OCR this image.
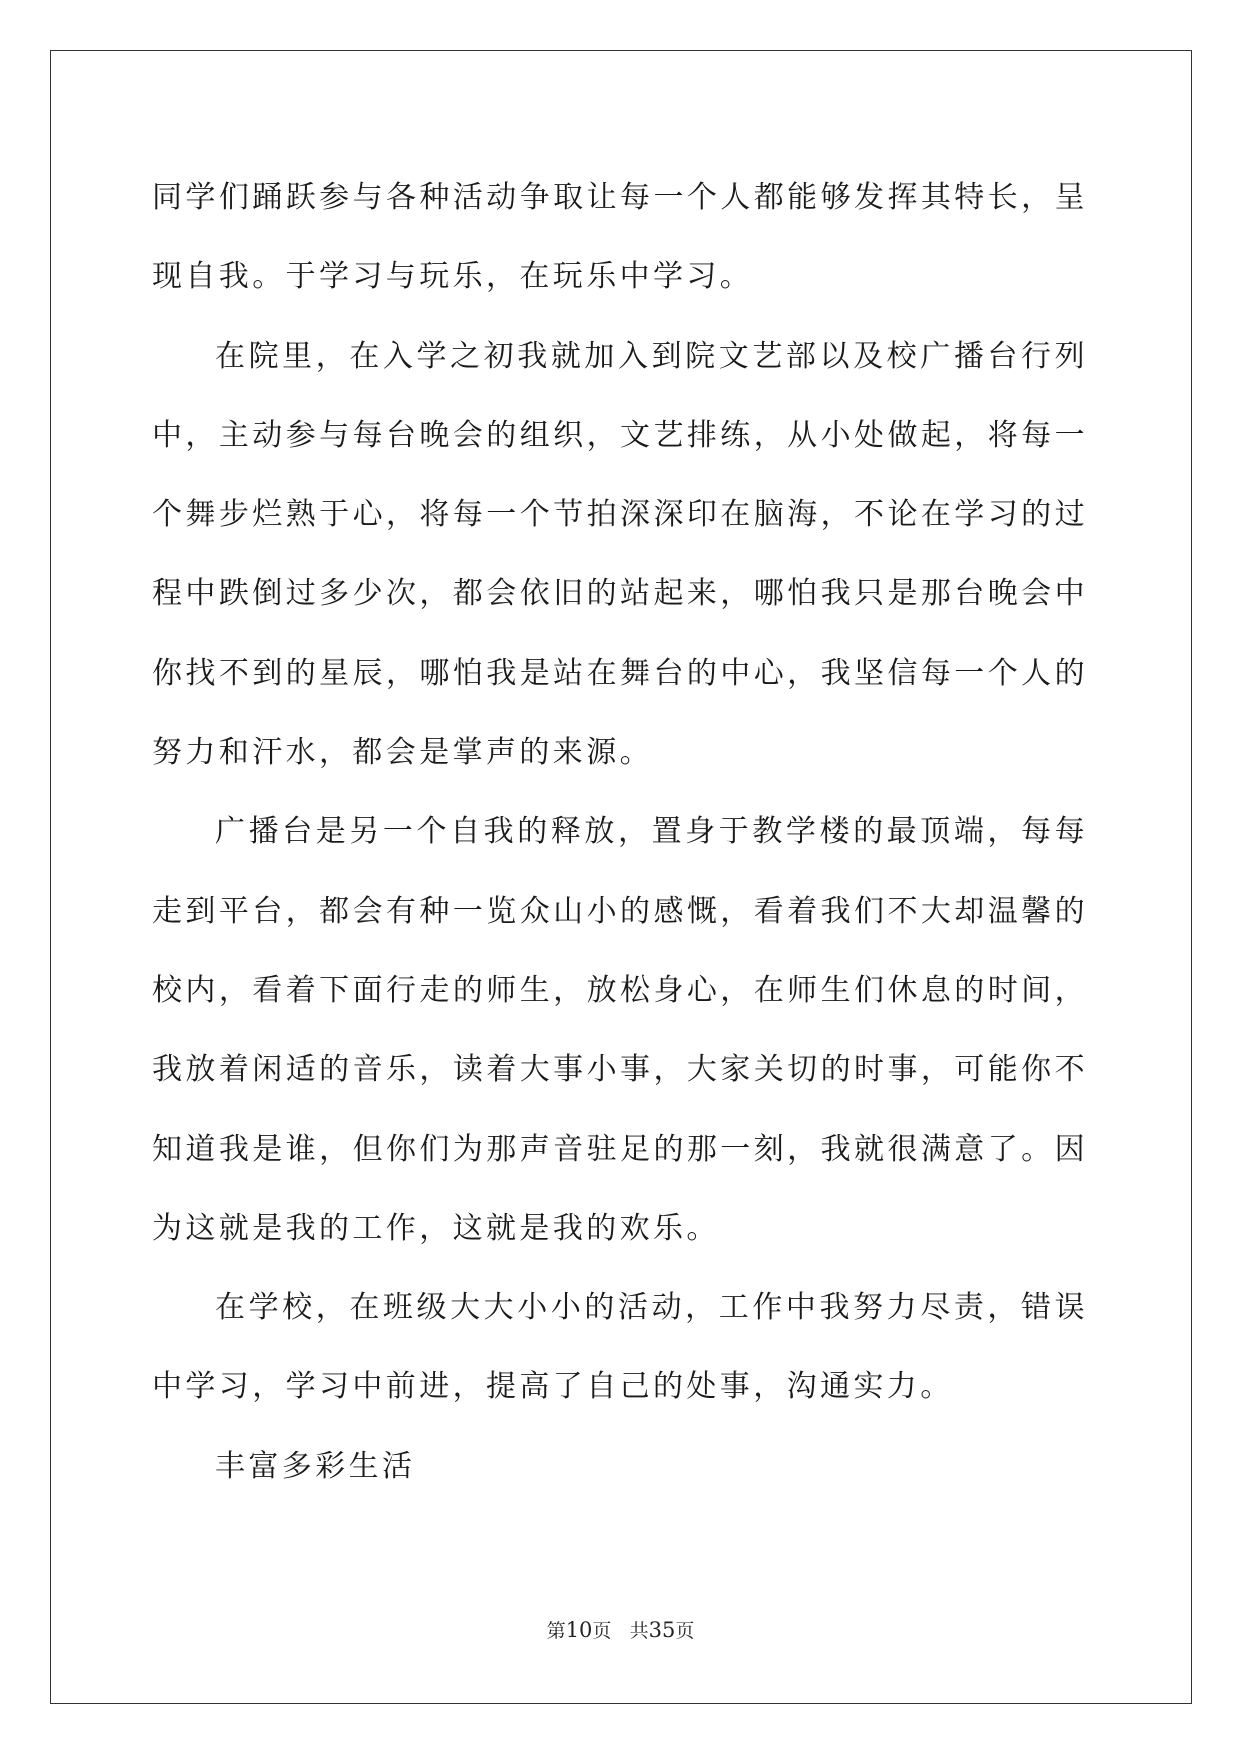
同学们踊跃参与各种活动争取让每一个人都能够发挥其特长，呈现自我。于学习与玩乐，在玩乐中学习。

在院里，在入学之初我就加入到院文艺部以及校广播台行列中，主动参与每台晚会的组织，文艺排练，从小处做起，将每一个舞步烂熟于心，将每一个节拍深深印在脑海，不论在学习的过程中跌倒过多少次，都会依旧的站起来，哪怕我只是那台晚会中你找不到的星辰，哪怕我是站在舞台的中心，我坚信每一个人的努力和汗水，都会是掌声的来源。

广播台是另一个自我的释放，置身于教学楼的最顶端，每每走到平台，都会有种一览众山小的感慨，看着我们不大却温馨的校内，看着下面行走的师生，放松身心，在师生们休息的时间，我放着闲适的音乐，读着大事小事，大家关切的时事，可能你不知道我是谁，但你们为那声音驻足的那一刻，我就很满意了。因为这就是我的工作，这就是我的欢乐。

在学校，在班级大大小小的活动，工作中我努力尽责，错误中学习，学习中前进，提高了自己的处事，沟通实力。

丰富多彩生活

第10页 共35页
